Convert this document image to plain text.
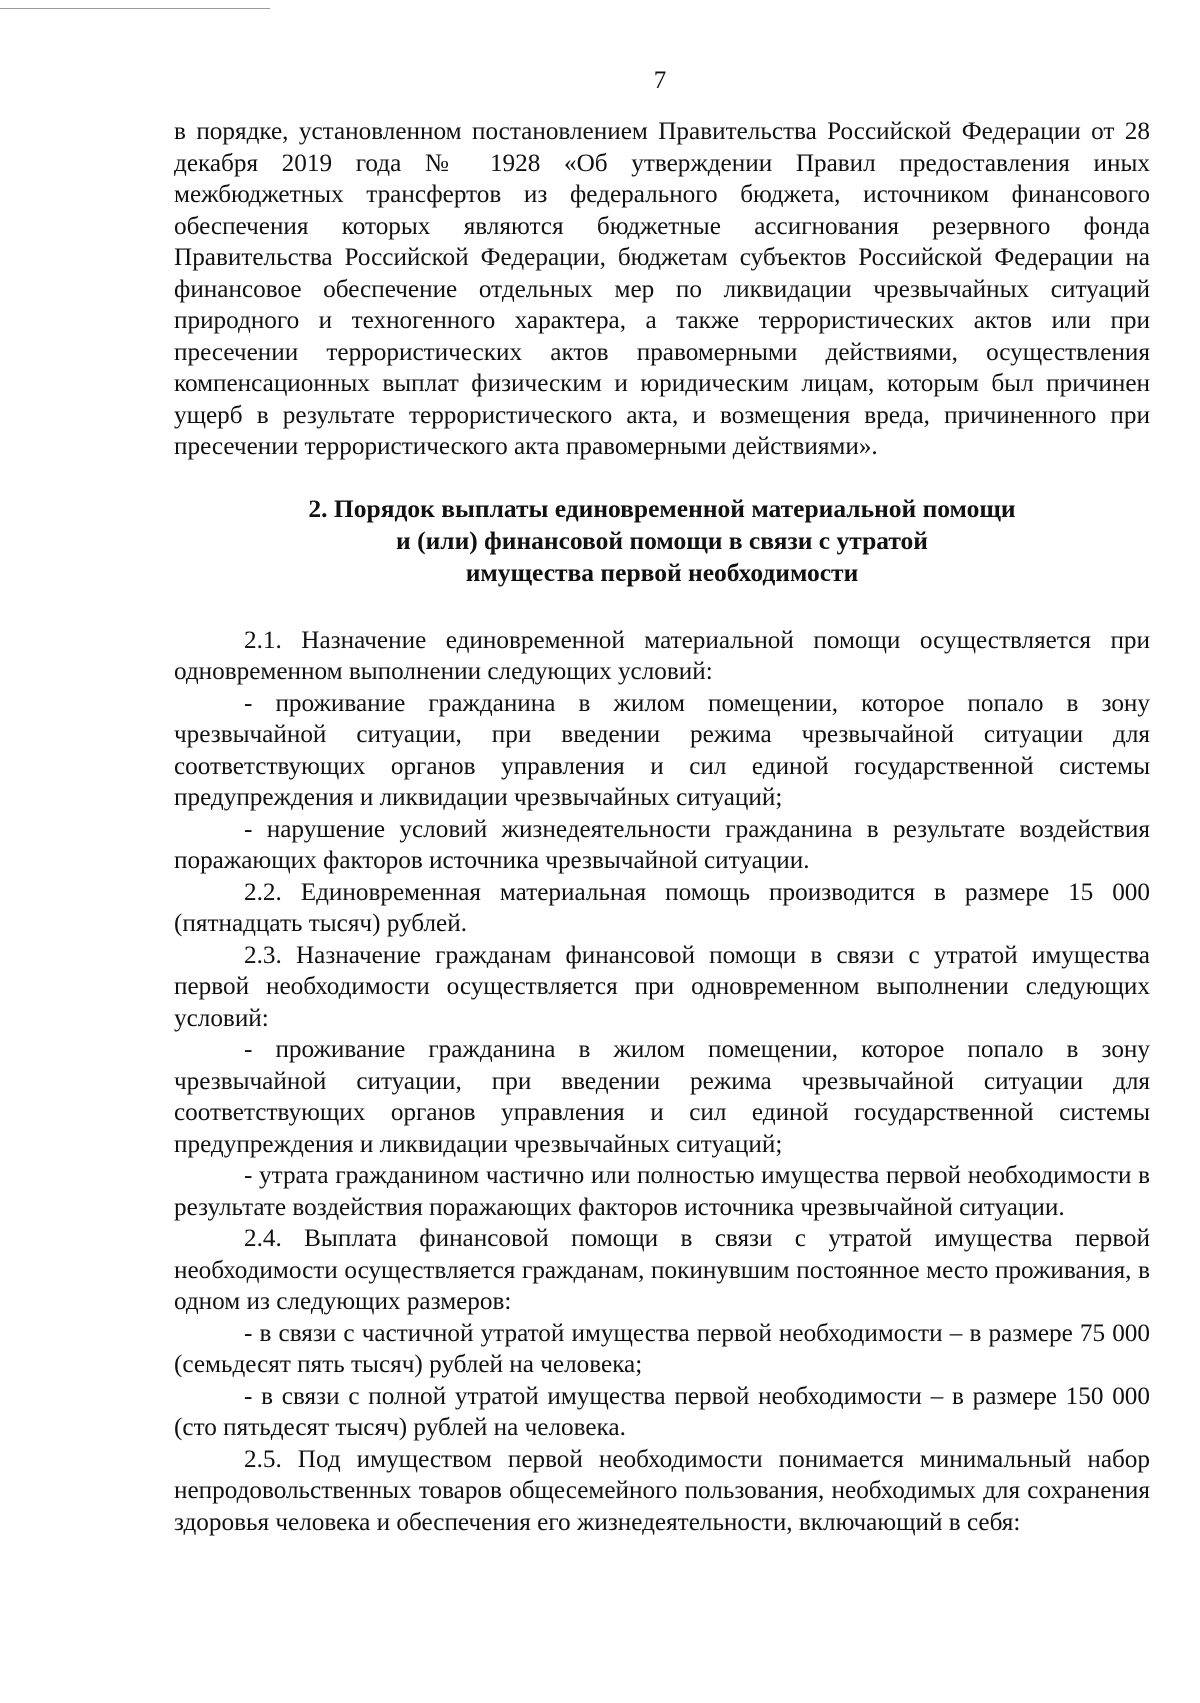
7

в порядке, установленном постановлением Правительства Российской Федерации от 28 декабря 2019 года № 1928 «Об утверждении Правил предоставления иных межбюджетных трансфертов из федерального бюджета, источником финансового обеспечения которых являются бюджетные ассигнования резервного фонда Правительства Российской Федерации, бюджетам субъектов Российской Федерации на финансовое обеспечение отдельных мер по ликвидации чрезвычайных ситуаций природного и техногенного характера, а также террористических актов или при пресечении террористических актов правомерными действиями, осуществления компенсационных выплат физическим и юридическим лицам, которым был причинен ущерб в результате террористического акта, и возмещения вреда, причиненного при пресечении террористического акта правомерными действиями».

2. Порядок выплаты единовременной материальной помощи
и (или) финансовой помощи в связи с утратой
имущества первой необходимости

2.1. Назначение единовременной материальной помощи осуществляется при одновременном выполнении следующих условий:

- проживание гражданина в жилом помещении, которое попало в зону чрезвычайной ситуации, при введении режима чрезвычайной ситуации для соответствующих органов управления и сил единой государственной системы предупреждения и ликвидации чрезвычайных ситуаций;

- нарушение условий жизнедеятельности гражданина в результате воздействия поражающих факторов источника чрезвычайной ситуации.

2.2. Единовременная материальная помощь производится в размере 15 000 (пятнадцать тысяч) рублей.

2.3. Назначение гражданам финансовой помощи в связи с утратой имущества первой необходимости осуществляется при одновременном выполнении следующих условий:

- проживание гражданина в жилом помещении, которое попало в зону чрезвычайной ситуации, при введении режима чрезвычайной ситуации для соответствующих органов управления и сил единой государственной системы предупреждения и ликвидации чрезвычайных ситуаций;

- утрата гражданином частично или полностью имущества первой необходимости в результате воздействия поражающих факторов источника чрезвычайной ситуации.

2.4. Выплата финансовой помощи в связи с утратой имущества первой необходимости осуществляется гражданам, покинувшим постоянное место проживания, в одном из следующих размеров:

- в связи с частичной утратой имущества первой необходимости – в размере 75 000 (семьдесят пять тысяч) рублей на человека;

- в связи с полной утратой имущества первой необходимости – в размере 150 000 (сто пятьдесят тысяч) рублей на человека.

2.5. Под имуществом первой необходимости понимается минимальный набор непродовольственных товаров общесемейного пользования, необходимых для сохранения здоровья человека и обеспечения его жизнедеятельности, включающий в себя:
